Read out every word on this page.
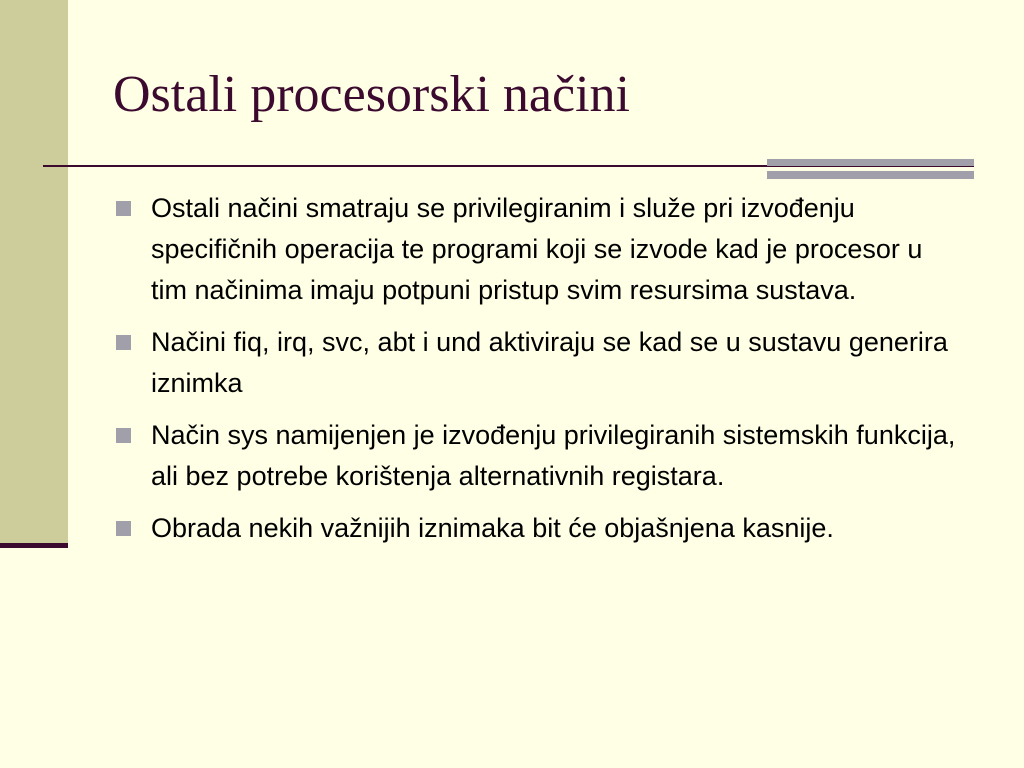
Ostali procesorski načini
Ostali načini smatraju se privilegiranim i služe pri izvođenju specifičnih operacija te programi koji se izvode kad je procesor u tim načinima imaju potpuni pristup svim resursima sustava.
Načini fiq, irq, svc, abt i und aktiviraju se kad se u sustavu generira iznimka
Način sys namijenjen je izvođenju privilegiranih sistemskih funkcija, ali bez potrebe korištenja alternativnih registara.
Obrada nekih važnijih iznimaka bit će objašnjena kasnije.
